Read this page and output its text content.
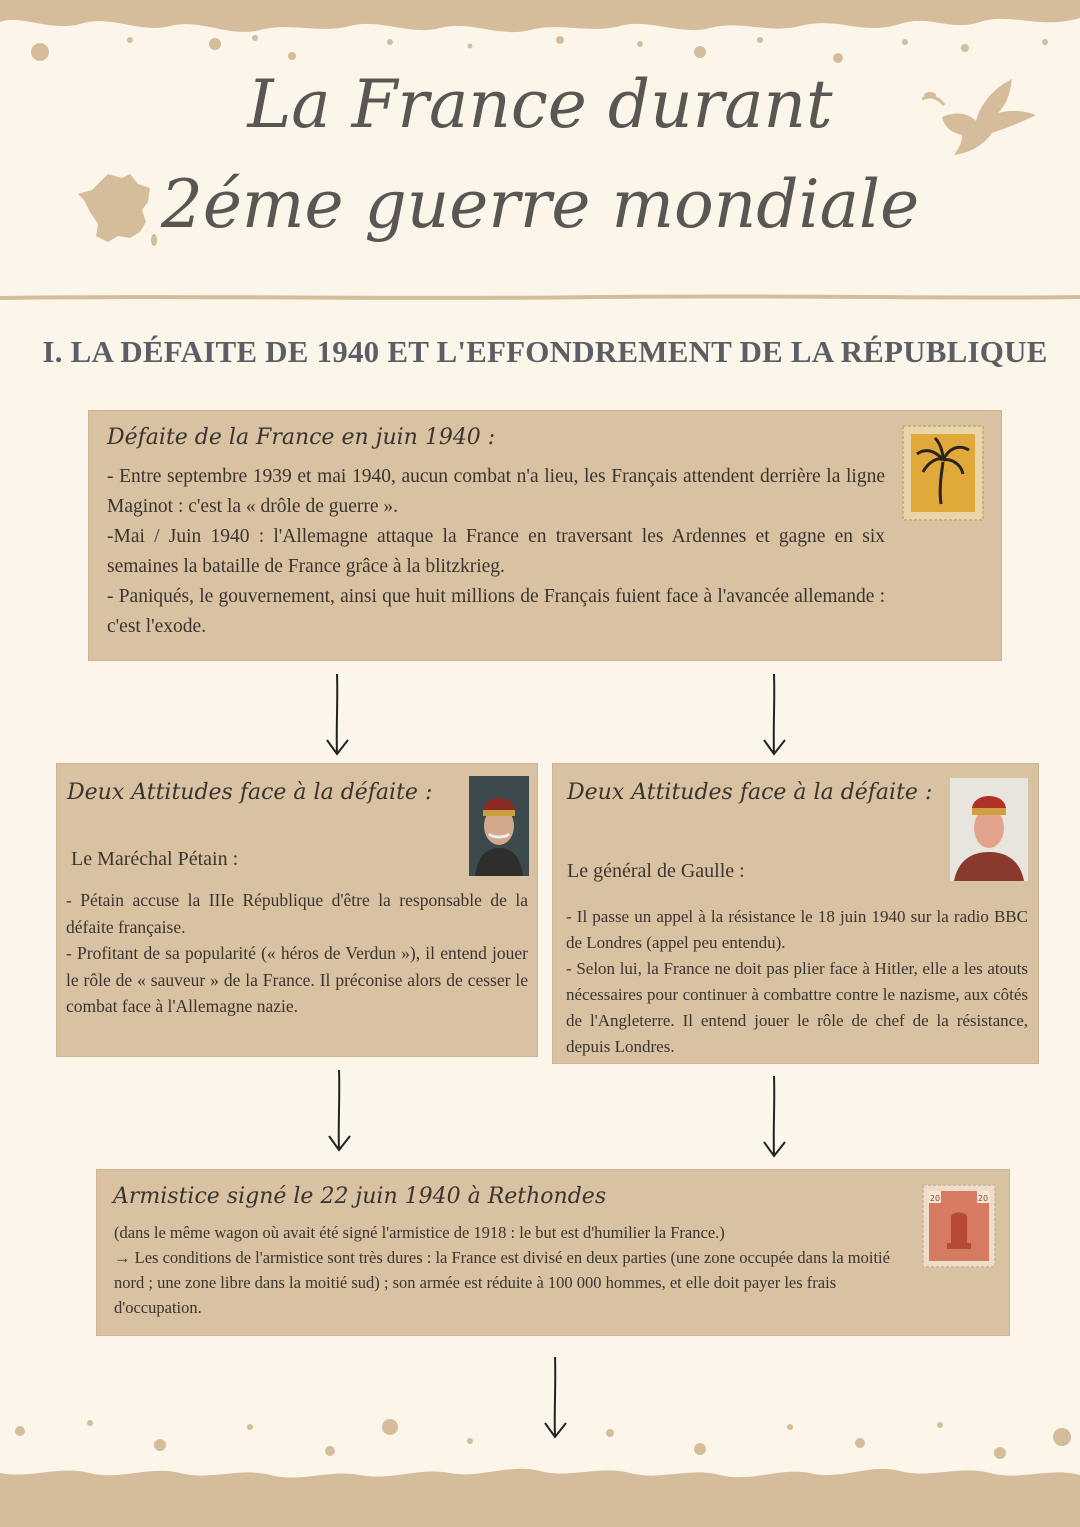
La France durant
2éme guerre mondiale
I. LA DÉFAITE DE 1940 ET L'EFFONDREMENT DE LA RÉPUBLIQUE
Défaite de la France en juin 1940 :

- Entre septembre 1939 et mai 1940, aucun combat n'a lieu, les Français attendent derrière la ligne Maginot : c'est la « drôle de guerre ».

-Mai / Juin 1940 : l'Allemagne attaque la France en traversant les Ardennes et gagne en six semaines la bataille de France grâce à la blitzkrieg.

- Paniqués, le gouvernement, ainsi que huit millions de Français fuient face à l'avancée allemande : c'est l'exode.

Deux Attitudes face à la défaite :
Le Maréchal Pétain :

- Pétain accuse la IIIe République d'être la responsable de la défaite française.

- Profitant de sa popularité (« héros de Verdun »), il entend jouer le rôle de « sauveur » de la France. Il préconise alors de cesser le combat face à l'Allemagne nazie.

Deux Attitudes face à la défaite :
Le général de Gaulle :

- Il passe un appel à la résistance le 18 juin 1940 sur la radio BBC de Londres (appel peu entendu).

- Selon lui, la France ne doit pas plier face à Hitler, elle a les atouts nécessaires pour continuer à combattre contre le nazisme, aux côtés de l'Angleterre. Il entend jouer le rôle de chef de la résistance, depuis Londres.

Armistice signé le 22 juin 1940 à Rethondes

(dans le même wagon où avait été signé l'armistice de 1918 : le but est d'humilier la France.)

→ Les conditions de l'armistice sont très dures : la France est divisé en deux parties (une zone occupée dans la moitié nord ; une zone libre dans la moitié sud) ; son armée est réduite à 100 000 hommes, et elle doit payer les frais d'occupation.

20	20
